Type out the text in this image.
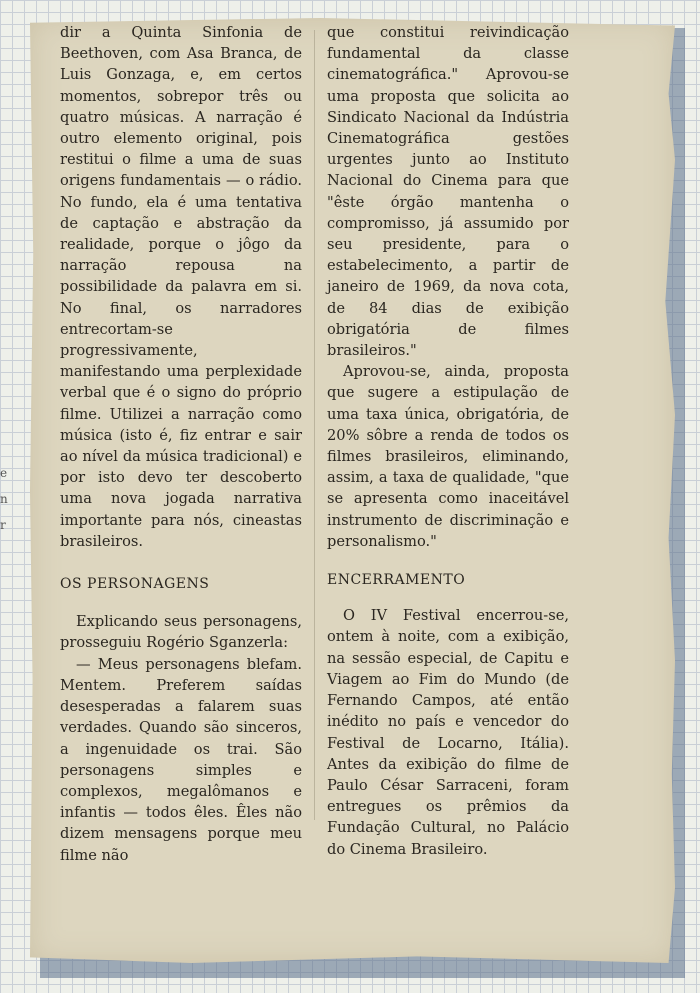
e
n
r

dir a Quinta Sinfonia de Beethoven, com Asa Branca, de Luis Gonzaga, e, em certos momentos, sobrepor três ou quatro músicas. A narração é outro elemento original, pois restitui o filme a uma de suas origens fundamentais — o rádio. No fundo, ela é uma tentativa de captação e abstração da realidade, porque o jôgo da narração repousa na possibilidade da palavra em si. No final, os narradores entrecortam-se progressivamente, manifestando uma perplexidade verbal que é o signo do próprio filme. Utilizei a narração como música (isto é, fiz entrar e sair ao nível da música tradicional) e por isto devo ter descoberto uma nova jogada narrativa importante para nós, cineastas brasileiros.

OS PERSONAGENS

Explicando seus personagens, prosseguiu Rogério Sganzerla:

— Meus personagens blefam. Mentem. Preferem saídas desesperadas a falarem suas verdades. Quando são sinceros, a ingenuidade os trai. São personagens simples e complexos, megalômanos e infantis — todos êles. Êles não dizem mensagens porque meu filme não

que constitui reivindicação fundamental da classe cinematográfica." Aprovou-se uma proposta que solicita ao Sindicato Nacional da Indústria Cinematográfica gestões urgentes junto ao Instituto Nacional do Cinema para que "êste órgão mantenha o compromisso, já assumido por seu presidente, para o estabelecimento, a partir de janeiro de 1969, da nova cota, de 84 dias de exibição obrigatória de filmes brasileiros."

Aprovou-se, ainda, proposta que sugere a estipulação de uma taxa única, obrigatória, de 20% sôbre a renda de todos os filmes brasileiros, eliminando, assim, a taxa de qualidade, "que se apresenta como inaceitável instrumento de discriminação e personalismo."

ENCERRAMENTO

O IV Festival encerrou-se, ontem à noite, com a exibição, na sessão especial, de Capitu e Viagem ao Fim do Mundo (de Fernando Campos, até então inédito no país e vencedor do Festival de Locarno, Itália). Antes da exibição do filme de Paulo César Sarraceni, foram entregues os prêmios da Fundação Cultural, no Palácio do Cinema Brasileiro.
